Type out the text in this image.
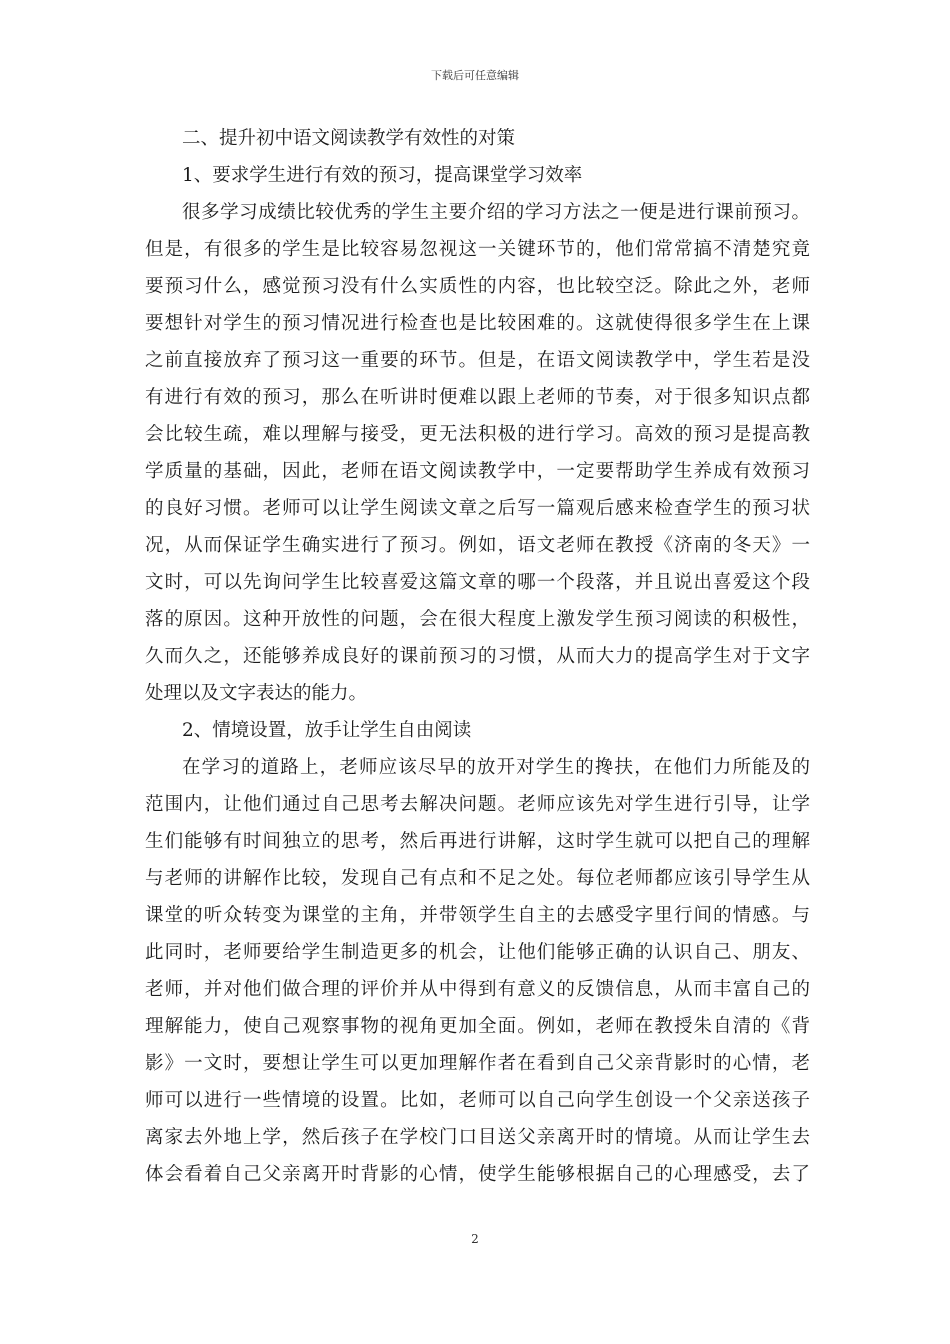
下载后可任意编辑
二、提升初中语文阅读教学有效性的对策
1、要求学生进行有效的预习，提高课堂学习效率
很多学习成绩比较优秀的学生主要介绍的学习方法之一便是进行课前预习。
但是，有很多的学生是比较容易忽视这一关键环节的，他们常常搞不清楚究竟
要预习什么，感觉预习没有什么实质性的内容，也比较空泛。除此之外，老师
要想针对学生的预习情况进行检查也是比较困难的。这就使得很多学生在上课
之前直接放弃了预习这一重要的环节。但是，在语文阅读教学中，学生若是没
有进行有效的预习，那么在听讲时便难以跟上老师的节奏，对于很多知识点都
会比较生疏，难以理解与接受，更无法积极的进行学习。高效的预习是提高教
学质量的基础，因此，老师在语文阅读教学中，一定要帮助学生养成有效预习
的良好习惯。老师可以让学生阅读文章之后写一篇观后感来检查学生的预习状
况，从而保证学生确实进行了预习。例如，语文老师在教授《济南的冬天》一
文时，可以先询问学生比较喜爱这篇文章的哪一个段落，并且说出喜爱这个段
落的原因。这种开放性的问题，会在很大程度上激发学生预习阅读的积极性，
久而久之，还能够养成良好的课前预习的习惯，从而大力的提高学生对于文字
处理以及文字表达的能力。
2、情境设置，放手让学生自由阅读
在学习的道路上，老师应该尽早的放开对学生的搀扶，在他们力所能及的
范围内，让他们通过自己思考去解决问题。老师应该先对学生进行引导，让学
生们能够有时间独立的思考，然后再进行讲解，这时学生就可以把自己的理解
与老师的讲解作比较，发现自己有点和不足之处。每位老师都应该引导学生从
课堂的听众转变为课堂的主角，并带领学生自主的去感受字里行间的情感。与
此同时，老师要给学生制造更多的机会，让他们能够正确的认识自己、朋友、
老师，并对他们做合理的评价并从中得到有意义的反馈信息，从而丰富自己的
理解能力，使自己观察事物的视角更加全面。例如，老师在教授朱自清的《背
影》一文时，要想让学生可以更加理解作者在看到自己父亲背影时的心情，老
师可以进行一些情境的设置。比如，老师可以自己向学生创设一个父亲送孩子
离家去外地上学，然后孩子在学校门口目送父亲离开时的情境。从而让学生去
体会看着自己父亲离开时背影的心情，使学生能够根据自己的心理感受，去了
2
